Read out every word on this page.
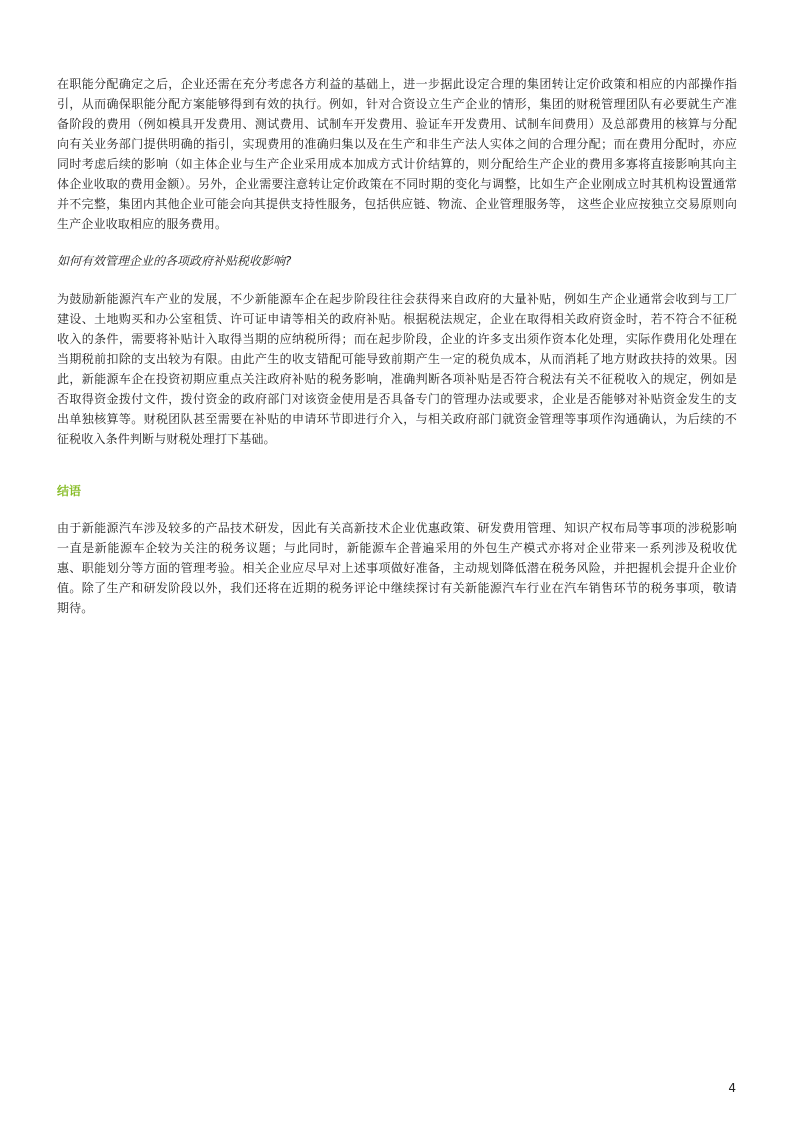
在职能分配确定之后，企业还需在充分考虑各方利益的基础上，进一步据此设定合理的集团转让定价政策和相应的内部操作指引，从而确保职能分配方案能够得到有效的执行。例如，针对合资设立生产企业的情形，集团的财税管理团队有必要就生产准备阶段的费用（例如模具开发费用、测试费用、试制车开发费用、验证车开发费用、试制车间费用）及总部费用的核算与分配向有关业务部门提供明确的指引，实现费用的准确归集以及在生产和非生产法人实体之间的合理分配；而在费用分配时，亦应同时考虑后续的影响（如主体企业与生产企业采用成本加成方式计价结算的，则分配给生产企业的费用多寡将直接影响其向主体企业收取的费用金额）。另外，企业需要注意转让定价政策在不同时期的变化与调整，比如生产企业刚成立时其机构设置通常并不完整，集团内其他企业可能会向其提供支持性服务，包括供应链、物流、企业管理服务等， 这些企业应按独立交易原则向生产企业收取相应的服务费用。

如何有效管理企业的各项政府补贴税收影响?

为鼓励新能源汽车产业的发展，不少新能源车企在起步阶段往往会获得来自政府的大量补贴，例如生产企业通常会收到与工厂建设、土地购买和办公室租赁、许可证申请等相关的政府补贴。根据税法规定，企业在取得相关政府资金时，若不符合不征税收入的条件，需要将补贴计入取得当期的应纳税所得；而在起步阶段，企业的许多支出须作资本化处理，实际作费用化处理在当期税前扣除的支出较为有限。由此产生的收支错配可能导致前期产生一定的税负成本，从而消耗了地方财政扶持的效果。因此，新能源车企在投资初期应重点关注政府补贴的税务影响，准确判断各项补贴是否符合税法有关不征税收入的规定，例如是否取得资金拨付文件，拨付资金的政府部门对该资金使用是否具备专门的管理办法或要求，企业是否能够对补贴资金发生的支出单独核算等。财税团队甚至需要在补贴的申请环节即进行介入，与相关政府部门就资金管理等事项作沟通确认，为后续的不征税收入条件判断与财税处理打下基础。

结语

由于新能源汽车涉及较多的产品技术研发，因此有关高新技术企业优惠政策、研发费用管理、知识产权布局等事项的涉税影响一直是新能源车企较为关注的税务议题；与此同时，新能源车企普遍采用的外包生产模式亦将对企业带来一系列涉及税收优惠、职能划分等方面的管理考验。相关企业应尽早对上述事项做好准备，主动规划降低潜在税务风险，并把握机会提升企业价值。除了生产和研发阶段以外，我们还将在近期的税务评论中继续探讨有关新能源汽车行业在汽车销售环节的税务事项，敬请期待。

4
